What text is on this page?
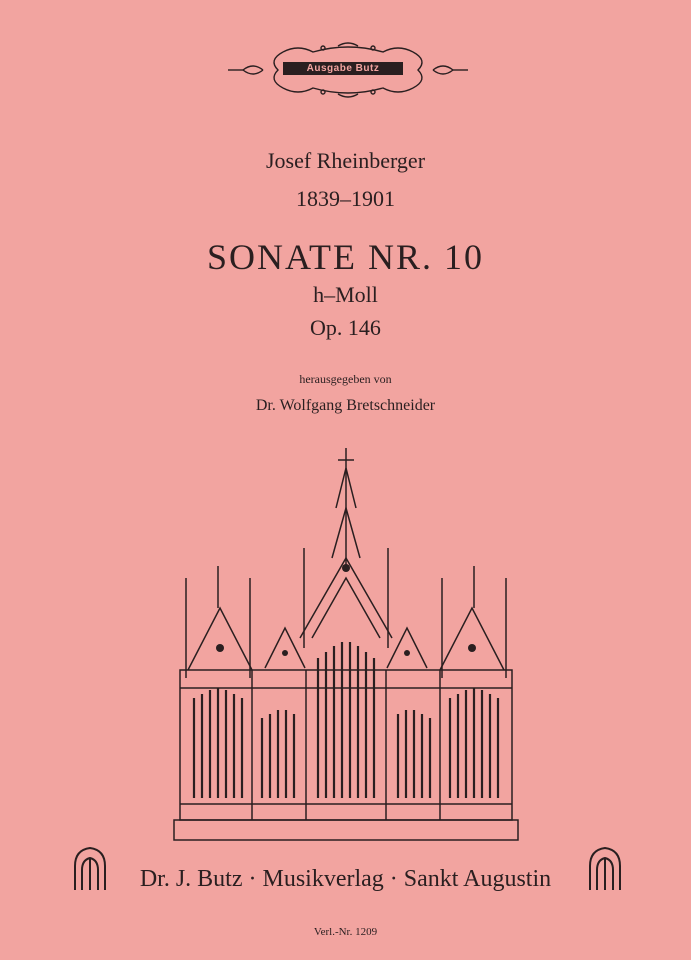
Ausgabe Butz
Josef Rheinberger
1839–1901
SONATE NR. 10
h–Moll
Op. 146
herausgegeben von
Dr. Wolfgang Bretschneider
Dr. J. Butz · Musikverlag · Sankt Augustin
Verl.-Nr. 1209
